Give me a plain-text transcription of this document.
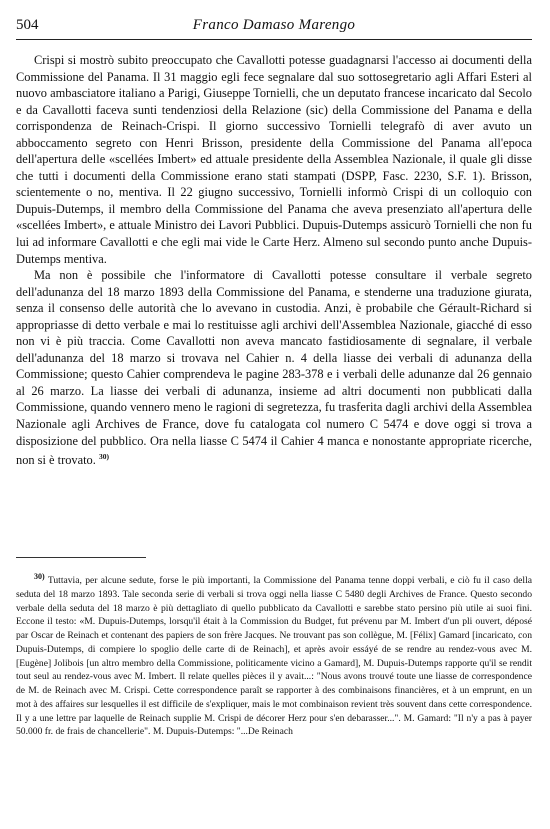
504	Franco Damaso Marengo

Crispi si mostrò subito preoccupato che Cavallotti potesse guadagnarsi l'accesso ai documenti della Commissione del Panama. Il 31 maggio egli fece segnalare dal suo sottosegretario agli Affari Esteri al nuovo ambasciatore italiano a Parigi, Giuseppe Tornielli, che un deputato francese incaricato dal Secolo e da Cavallotti faceva sunti tendenziosi della Relazione (sic) della Commissione del Panama e della corrispondenza de Reinach-Crispi. Il giorno successivo Tornielli telegrafò di aver avuto un abboccamento segreto con Henri Brisson, presidente della Commissione del Panama all'epoca dell'apertura delle «scellées Imbert» ed attuale presidente della Assemblea Nazionale, il quale gli disse che tutti i documenti della Commissione erano stati stampati (DSPP, Fasc. 2230, S.F. 1). Brisson, scientemente o no, mentiva. Il 22 giugno successivo, Tornielli informò Crispi di un colloquio con Dupuis-Dutemps, il membro della Commissione del Panama che aveva presenziato all'apertura delle «scellées Imbert», e attuale Ministro dei Lavori Pubblici. Dupuis-Dutemps assicurò Tornielli che non fu lui ad informare Cavallotti e che egli mai vide le Carte Herz. Almeno sul secondo punto anche Dupuis-Dutemps mentiva.

Ma non è possibile che l'informatore di Cavallotti potesse consultare il verbale segreto dell'adunanza del 18 marzo 1893 della Commissione del Panama, e stenderne una traduzione giurata, senza il consenso delle autorità che lo avevano in custodia. Anzi, è probabile che Gérault-Richard si appropriasse di detto verbale e mai lo restituisse agli archivi dell'Assemblea Nazionale, giacché di esso non vi è più traccia. Come Cavallotti non aveva mancato fastidiosamente di segnalare, il verbale dell'adunanza del 18 marzo si trovava nel Cahier n. 4 della liasse dei verbali di adunanza della Commissione; questo Cahier comprendeva le pagine 283-378 e i verbali delle adunanze dal 26 gennaio al 26 marzo. La liasse dei verbali di adunanza, insieme ad altri documenti non pubblicati dalla Commissione, quando vennero meno le ragioni di segretezza, fu trasferita dagli archivi della Assemblea Nazionale agli Archives de France, dove fu catalogata col numero C 5474 e dove oggi si trova a disposizione del pubblico. Ora nella liasse C 5474 il Cahier 4 manca e nonostante appropriate ricerche, non si è trovato. $^{30)}$

$^{30)}$ Tuttavia, per alcune sedute, forse le più importanti, la Commissione del Panama tenne doppi verbali, e ciò fu il caso della seduta del 18 marzo 1893. Tale seconda serie di verbali si trova oggi nella liasse C 5480 degli Archives de France. Questo secondo verbale della seduta del 18 marzo è più dettagliato di quello pubblicato da Cavallotti e sarebbe stato persino più utile ai suoi fini. Eccone il testo: «M. Dupuis-Dutemps, lorsqu'il était à la Commission du Budget, fut prévenu par M. Imbert d'un pli ouvert, déposé par Oscar de Reinach et contenant des papiers de son frère Jacques. Ne trouvant pas son collègue, M. [Félix] Gamard [incaricato, con Dupuis-Dutemps, di compiere lo spoglio delle carte di de Reinach], et après avoir essáyé de se rendre au rendez-vous avec M. [Eugène] Jolibois [un altro membro della Commissione, politicamente vicino a Gamard], M. Dupuis-Dutemps rapporte qu'il se rendit tout seul au rendez-vous avec M. Imbert. Il relate quelles pièces il y avait...: "Nous avons trouvé toute une liasse de correspondence de M. de Reinach avec M. Crispi. Cette correspondence paraît se rapporter à des combinaisons financières, et à un emprunt, en un mot à des affaires sur lesquelles il est difficile de s'expliquer, mais le mot combinaison revient très souvent dans cette correspondence. Il y a une lettre par laquelle de Reinach supplie M. Crispi de décorer Herz pour s'en debarasser...". M. Gamard: "Il n'y a pas à payer 50.000 fr. de frais de chancellerie". M. Dupuis-Dutemps: "...De Reinach
